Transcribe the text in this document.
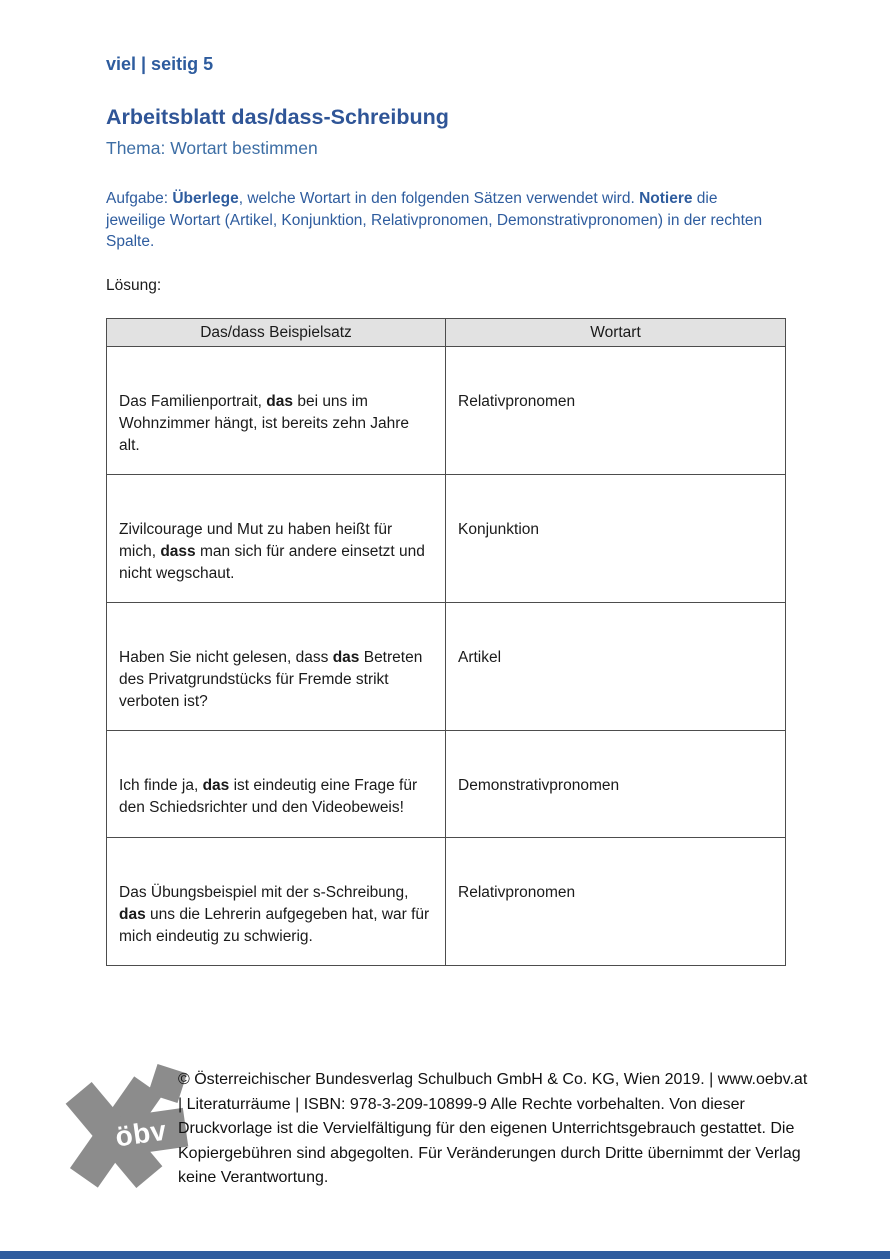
viel | seitig 5
Arbeitsblatt das/dass-Schreibung
Thema: Wortart bestimmen

Aufgabe: Überlege, welche Wortart in den folgenden Sätzen verwendet wird. Notiere die jeweilige Wortart (Artikel, Konjunktion, Relativpronomen, Demonstrativpronomen) in der rechten Spalte.

Lösung:
Das/dass Beispielsatz	Wortart
Das Familienportrait, das bei uns im Wohnzimmer hängt, ist bereits zehn Jahre alt.	Relativpronomen
Zivilcourage und Mut zu haben heißt für mich, dass man sich für andere einsetzt und nicht wegschaut.	Konjunktion
Haben Sie nicht gelesen, dass das Betreten des Privatgrundstücks für Fremde strikt verboten ist?	Artikel
Ich finde ja, das ist eindeutig eine Frage für den Schiedsrichter und den Videobeweis!	Demonstrativpronomen
Das Übungsbeispiel mit der s-Schreibung, das uns die Lehrerin aufgegeben hat, war für mich eindeutig zu schwierig.	Relativpronomen
öbv

© Österreichischer Bundesverlag Schulbuch GmbH & Co. KG, Wien 2019. | www.oebv.at | Literaturräume | ISBN: 978-3-209-10899-9 Alle Rechte vorbehalten. Von dieser Druckvorlage ist die Vervielfältigung für den eigenen Unterrichtsgebrauch gestattet. Die Kopiergebühren sind abgegolten. Für Veränderungen durch Dritte übernimmt der Verlag keine Verantwortung.
